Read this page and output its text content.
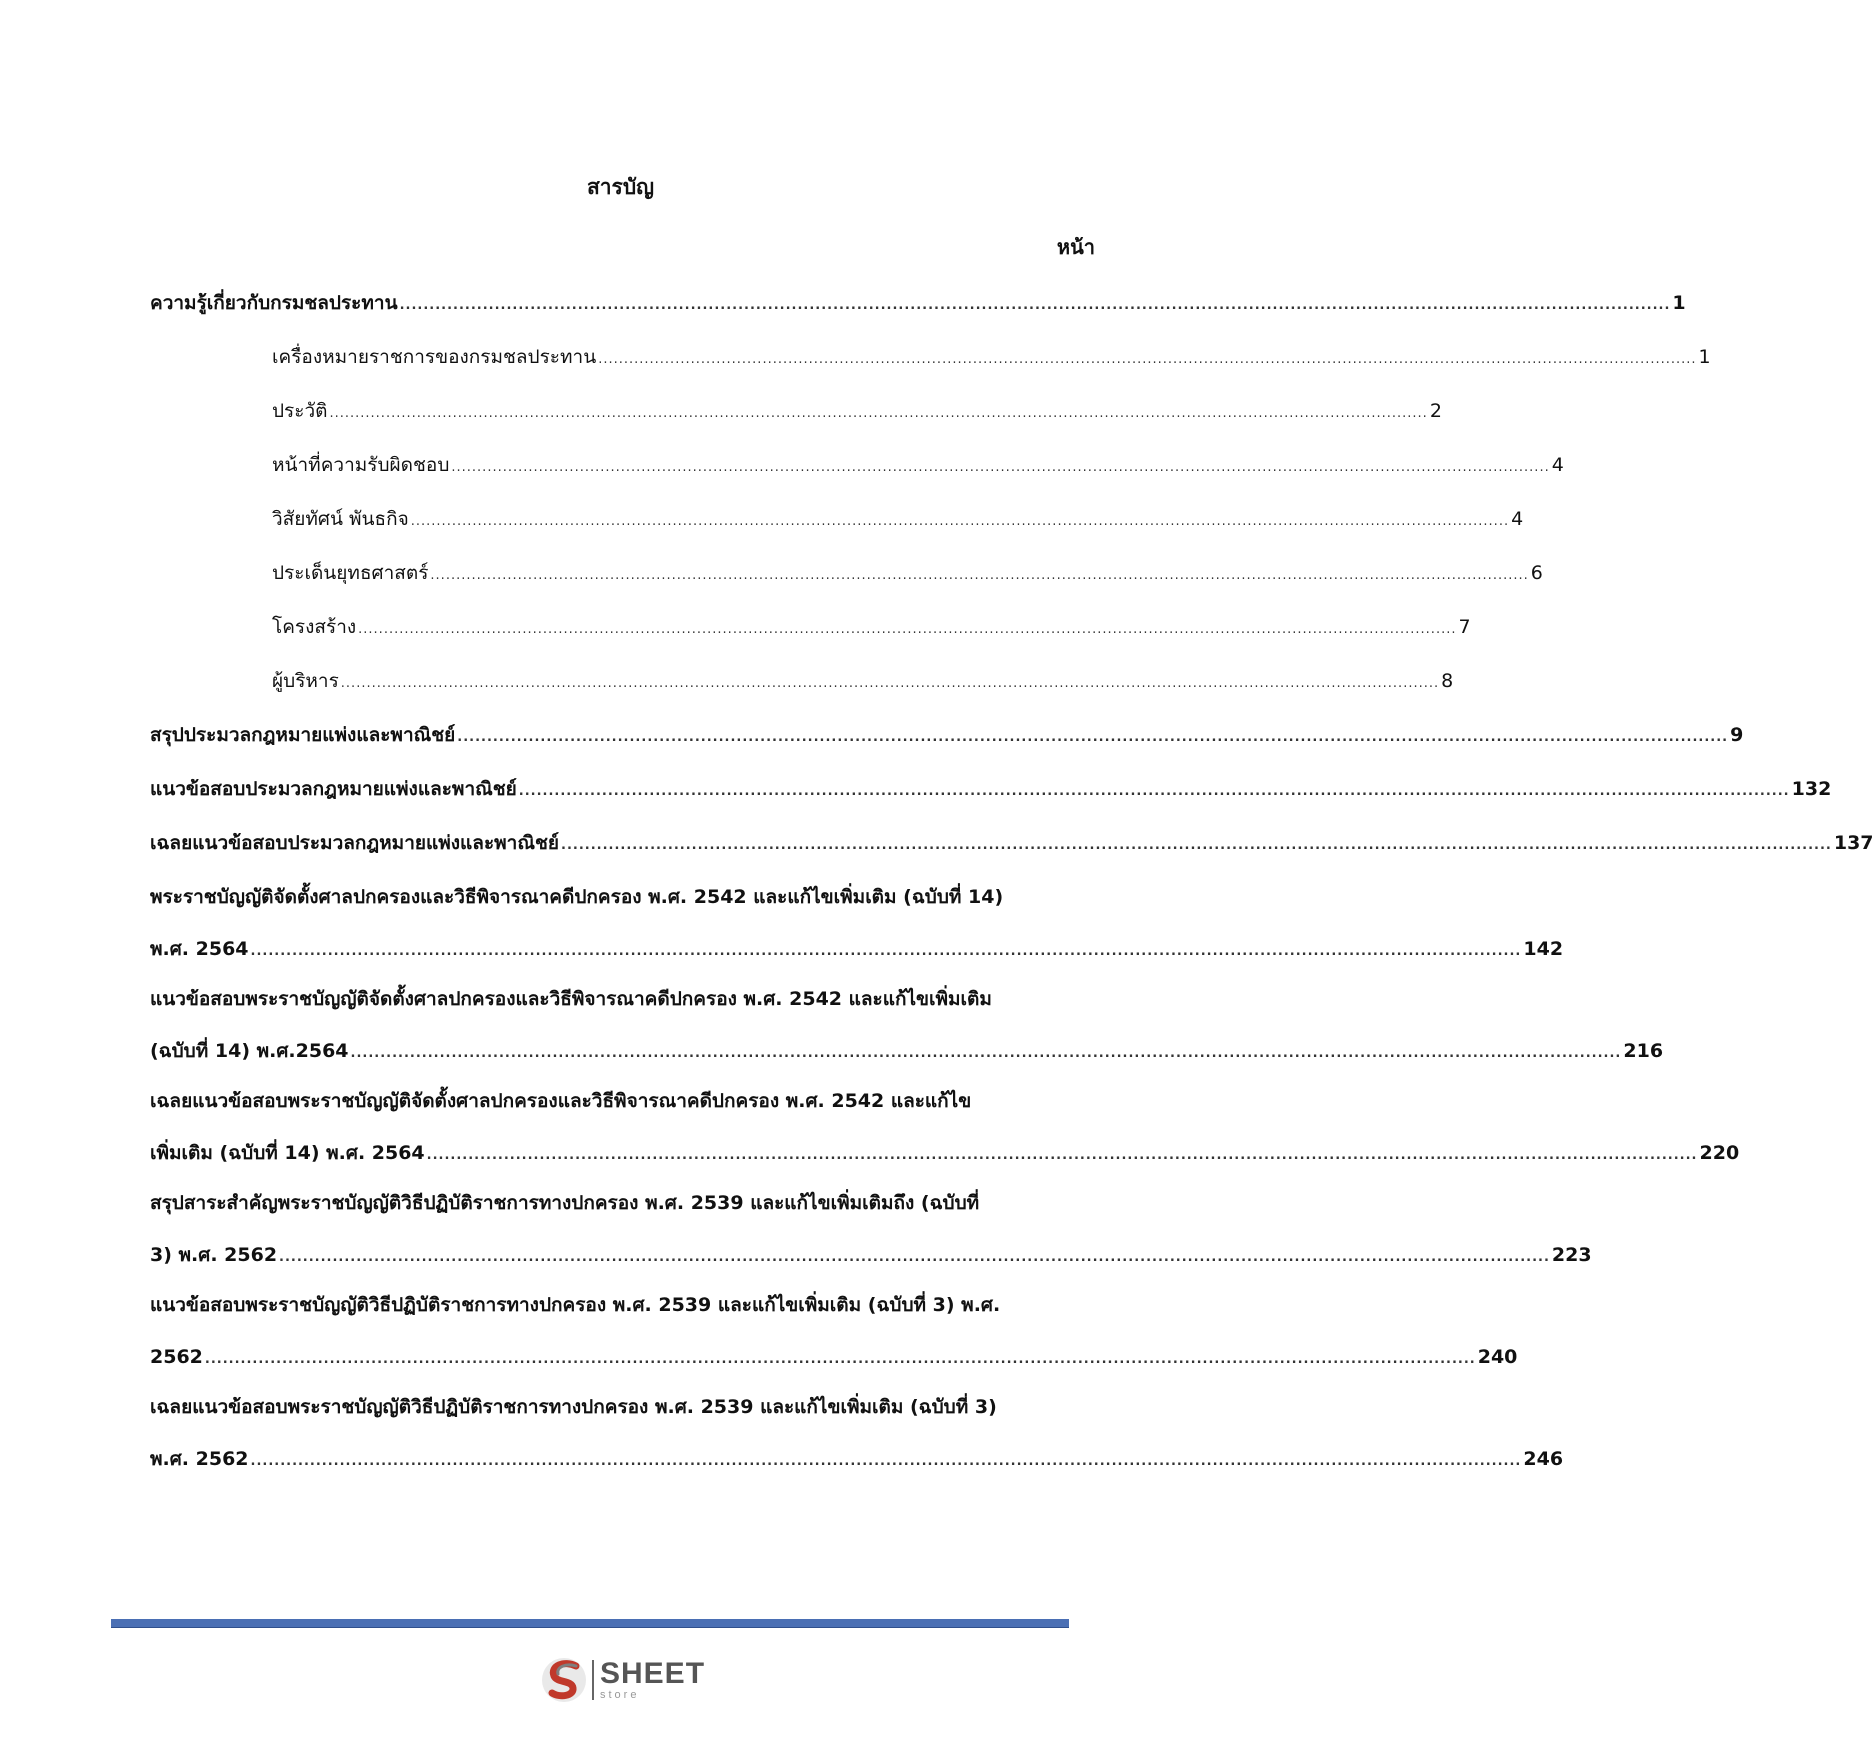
สารบัญ
หน้า
ความรู้เกี่ยวกับกรมชลประทาน ...................................................................................................................................................................................................................... 1
เครื่องหมายราชการของกรมชลประทาน ...................................................................................................................................................................................................................... 1
ประวัติ ...................................................................................................................................................................................................................... 2
หน้าที่ความรับผิดชอบ ...................................................................................................................................................................................................................... 4
วิสัยทัศน์ พันธกิจ ...................................................................................................................................................................................................................... 4
ประเด็นยุทธศาสตร์ ...................................................................................................................................................................................................................... 6
โครงสร้าง ...................................................................................................................................................................................................................... 7
ผู้บริหาร ...................................................................................................................................................................................................................... 8
สรุปประมวลกฎหมายแพ่งและพาณิชย์ ...................................................................................................................................................................................................................... 9
แนวข้อสอบประมวลกฎหมายแพ่งและพาณิชย์ ...................................................................................................................................................................................................................... 132
เฉลยแนวข้อสอบประมวลกฎหมายแพ่งและพาณิชย์ ...................................................................................................................................................................................................................... 137
พระราชบัญญัติจัดตั้งศาลปกครองและวิธีพิจารณาคดีปกครอง พ.ศ. 2542 และแก้ไขเพิ่มเติม (ฉบับที่ 14)
พ.ศ. 2564 ...................................................................................................................................................................................................................... 142
แนวข้อสอบพระราชบัญญัติจัดตั้งศาลปกครองและวิธีพิจารณาคดีปกครอง พ.ศ. 2542 และแก้ไขเพิ่มเติม
(ฉบับที่ 14) พ.ศ.2564 ...................................................................................................................................................................................................................... 216
เฉลยแนวข้อสอบพระราชบัญญัติจัดตั้งศาลปกครองและวิธีพิจารณาคดีปกครอง พ.ศ. 2542 และแก้ไข
เพิ่มเติม (ฉบับที่ 14) พ.ศ. 2564 ...................................................................................................................................................................................................................... 220
สรุปสาระสำคัญพระราชบัญญัติวิธีปฏิบัติราชการทางปกครอง พ.ศ. 2539 และแก้ไขเพิ่มเติมถึง (ฉบับที่
3) พ.ศ. 2562 ...................................................................................................................................................................................................................... 223
แนวข้อสอบพระราชบัญญัติวิธีปฏิบัติราชการทางปกครอง พ.ศ. 2539 และแก้ไขเพิ่มเติม (ฉบับที่ 3) พ.ศ.
2562 ...................................................................................................................................................................................................................... 240
เฉลยแนวข้อสอบพระราชบัญญัติวิธีปฏิบัติราชการทางปกครอง พ.ศ. 2539 และแก้ไขเพิ่มเติม (ฉบับที่ 3)
พ.ศ. 2562 ...................................................................................................................................................................................................................... 246
SHEET
store
